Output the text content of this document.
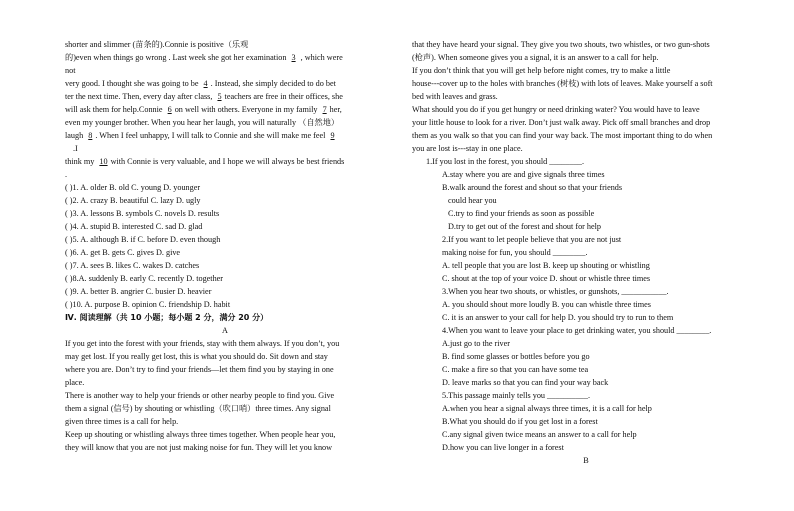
shorter and slimmer (苗条的).Connie is positive（乐观
的)even when things go wrong . Last week she got her examination 3 , which were
not
very good. I thought she was going to be 4 . Instead, she simply decided to do bet
ter the next time. Then, every day after class, 5 teachers are free in their offices, she
will ask them for help.Connie 6 on well with others. Everyone in my family 7 her,
even my younger brother. When you hear her laugh, you will naturally （自然地）
laugh 8 . When I feel unhappy, I will talk to Connie and she will make me feel 9
.I
think my 10 with Connie is very valuable, and I hope we will always be best friends
.
( )1. A. older B. old C. young D. younger
( )2. A. crazy B. beautiful C. lazy D. ugly
( )3. A. lessons B. symbols C. novels D. results
( )4. A. stupid B. interested C. sad D. glad
( )5. A. although B. if C. before D. even though
( )6. A. get B. gets C. gives D. give
( )7. A. sees B. likes C. wakes D. catches
( )8.A. suddenly B. early C. recently D. together
( )9. A. better B. angrier C. busier D. heavier
( )10. A. purpose B. opinion C. friendship D. habit
Ⅳ. 阅读理解（共 10 小题；每小题 2 分，满分 20 分）
A
If you get into the forest with your friends, stay with them always. If you don’t, you
may get lost. If you really get lost, this is what you should do. Sit down and stay
where you are. Don’t try to find your friends—let them find you by staying in one
place.
There is another way to help your friends or other nearby people to find you. Give
them a signal (信号) by shouting or whistling（吹口哨）three times. Any signal
given three times is a call for help.
Keep up shouting or whistling always three times together. When people hear you,
they will know that you are not just making noise for fun. They will let you know
that they have heard your signal. They give you two shouts, two whistles, or two gun-shots
(枪声). When someone gives you a signal, it is an answer to a call for help.
If you don’t think that you will get help before night comes, try to make a little
house---cover up to the holes with branches (树枝) with lots of leaves. Make yourself a soft
bed with leaves and grass.
What should you do if you get hungry or need drinking water? You would have to leave
your little house to look for a river. Don’t just walk away. Pick off small branches and drop
them as you walk so that you can find your way back. The most important thing to do when
you are lost is---stay in one place.
1.If you lost in the forest, you should ________.
A.stay where you are and give signals three times
B.walk around the forest and shout so that your friends
could hear you
C.try to find your friends as soon as possible
D.try to get out of the forest and shout for help
2.If you want to let people believe that you are not just
making noise for fun, you should ________.
A. tell people that you are lost B. keep up shouting or whistling
C. shout at the top of your voice D. shout or whistle three times
3.When you hear two shouts, or whistles, or gunshots, ___________.
A. you should shout more loudly B. you can whistle three times
C. it is an answer to your call for help D. you should try to run to them
4.When you want to leave your place to get drinking water, you should ________.
A.just go to the river
B. find some glasses or bottles before you go
C. make a fire so that you can have some tea
D. leave marks so that you can find your way back
5.This passage mainly tells you __________.
A.when you hear a signal always three times, it is a call for help
B.What you should do if you get lost in a forest
C.any signal given twice means an answer to a call for help
D.how you can live longer in a forest
B
